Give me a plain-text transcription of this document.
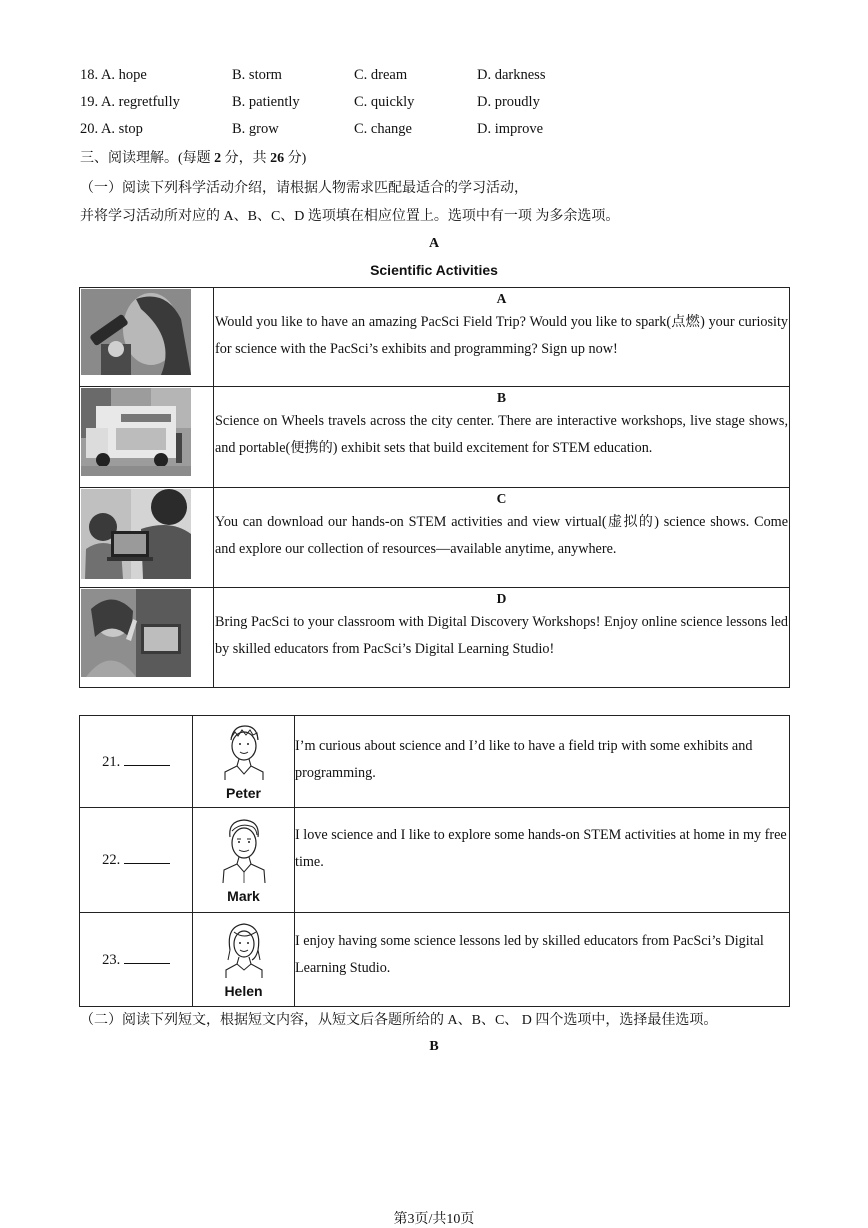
18. A. hope	B. storm	C. dream	D. darkness
19. A. regretfully	B. patiently	C. quickly	D. proudly
20. A. stop	B. grow	C. change	D. improve
三、阅读理解。(每题 2 分，共 26 分)
（一）阅读下列科学活动介绍，请根据人物需求匹配最适合的学习活动，
并将学习活动所对应的 A、B、C、D 选项填在相应位置上。选项中有一项 为多余选项。
A
Scientific Activities

A
Would you like to have an amazing PacSci Field Trip? Would you like to spark(点燃) your curiosity for science with the PacSci’s exhibits and programming? Sign up now!

B
Science on Wheels travels across the city center. There are interactive workshops, live stage shows, and portable(便携的) exhibit sets that build excitement for STEM education.

C
You can download our hands-on STEM activities and view virtual(虚拟的) science shows. Come and explore our collection of resources—available anytime, anywhere.

D
Bring PacSci to your classroom with Digital Discovery Workshops! Enjoy online science lessons led by skilled educators from PacSci’s Digital Learning Studio!
21.	Peter	I’m curious about science and I’d like to have a field trip with some exhibits and programming.
22.	Mark	I love science and I like to explore some hands-on STEM activities at home in my free time.
23.	Helen	I enjoy having some science lessons led by skilled educators from PacSci’s Digital Learning Studio.
（二）阅读下列短文，根据短文内容，从短文后各题所给的 A、B、C、 D 四个选项中，选择最佳选项。
B
第3页/共10页
